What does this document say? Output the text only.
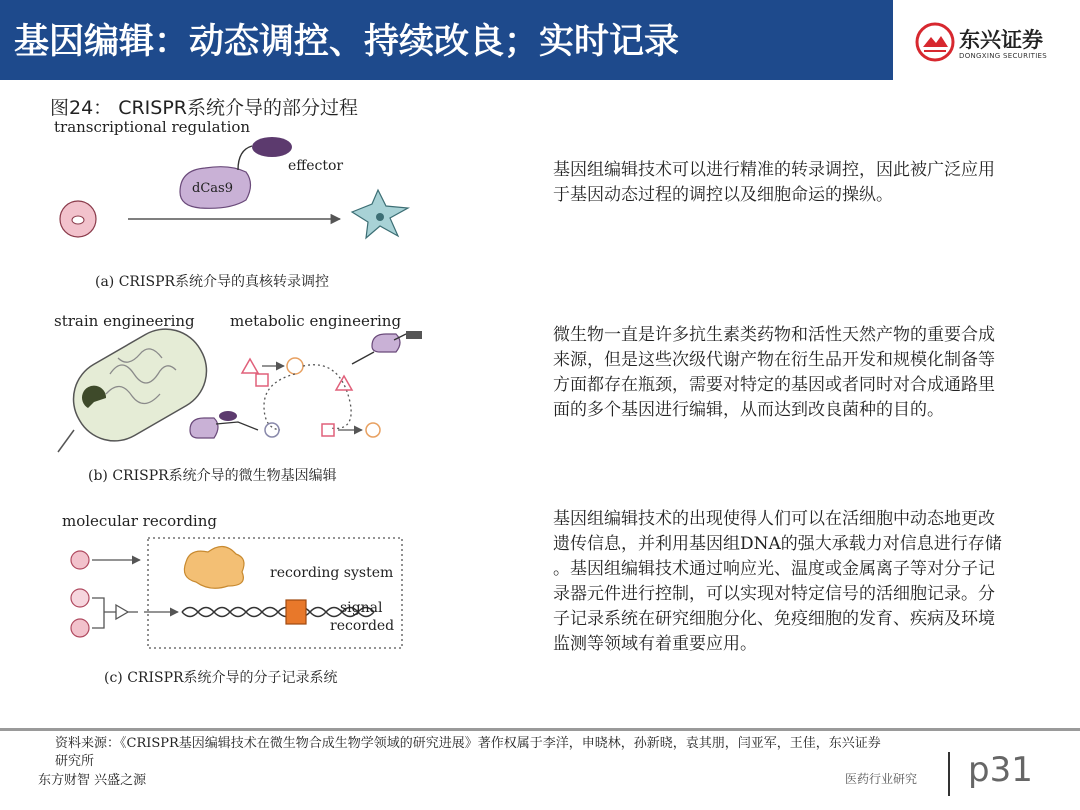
基因编辑：动态调控、持续改良；实时记录	东兴证券
DONGXING SECURITIES
图24： CRISPR系统介导的部分过程
transcriptional regulation
dCas9
effector
(a) CRISPR系统介导的真核转录调控
strain engineering metabolic engineering
(b) CRISPR系统介导的微生物基因编辑
molecular recording
recording system
signal
recorded
(c) CRISPR系统介导的分子记录系统
基因组编辑技术可以进行精准的转录调控，因此被广泛应用于基因动态过程的调控以及细胞命运的操纵。
微生物一直是许多抗生素类药物和活性天然产物的重要合成来源，但是这些次级代谢产物在衍生品开发和规模化制备等方面都存在瓶颈，需要对特定的基因或者同时对合成通路里面的多个基因进行编辑，从而达到改良菌种的目的。
基因组编辑技术的出现使得人们可以在活细胞中动态地更改遗传信息，并利用基因组DNA的强大承载力对信息进行存储 。基因组编辑技术通过响应光、温度或金属离子等对分子记录器元件进行控制，可以实现对特定信号的活细胞记录。分子记录系统在研究细胞分化、免疫细胞的发育、疾病及环境监测等领域有着重要应用。
资料来源：《CRISPR基因编辑技术在微生物合成生物学领域的研究进展》著作权属于李洋，申晓林，孙新晓，袁其朋，闫亚军，王佳，东兴证券研究所
东方财智 兴盛之源	医药行业研究 p31
